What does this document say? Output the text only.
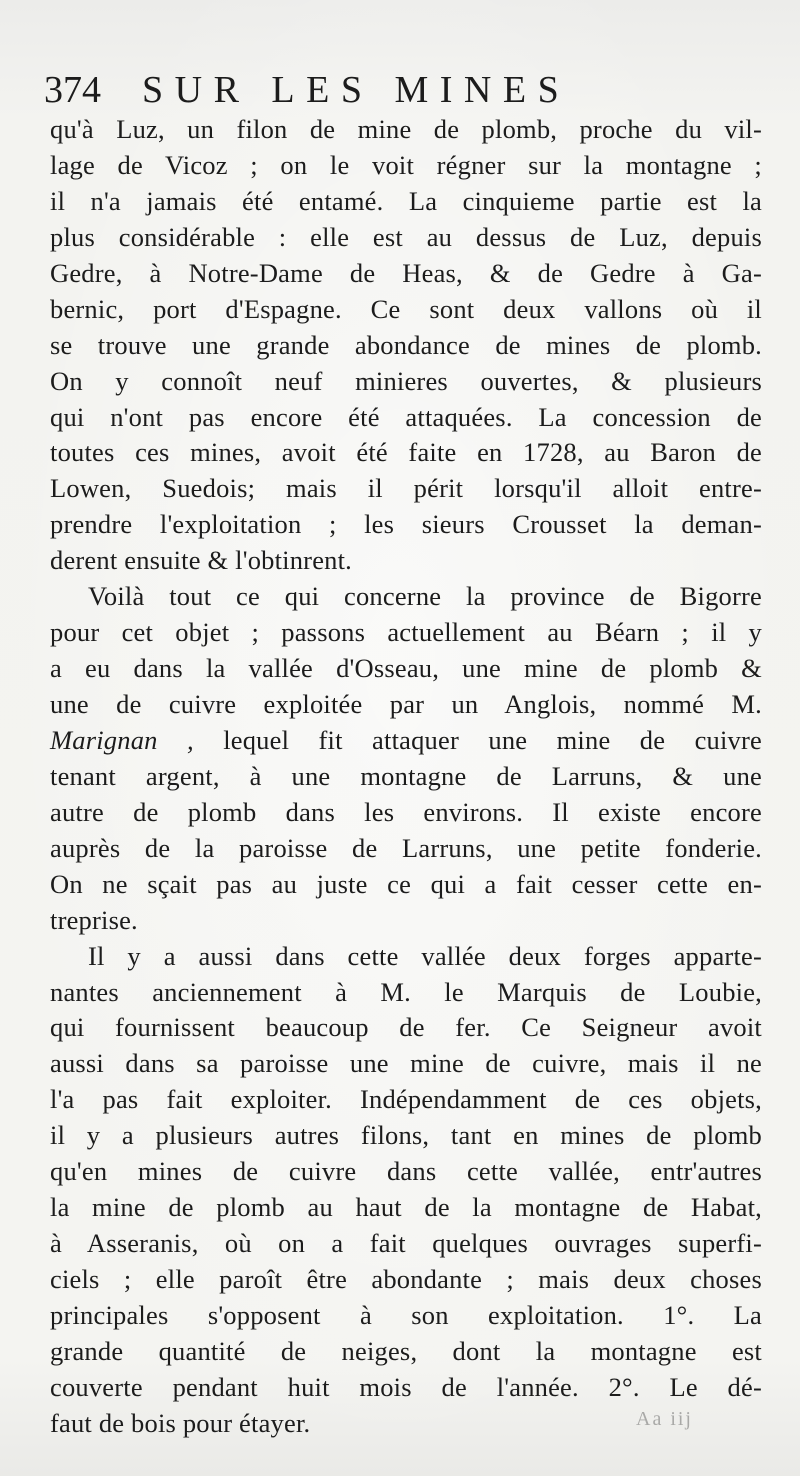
374 SUR LES MINES
qu'à Luz, un filon de mine de plomb, proche du vil-
lage de Vicoz ; on le voit régner sur la montagne ;
il n'a jamais été entamé. La cinquieme partie est la
plus considérable : elle est au dessus de Luz, depuis
Gedre, à Notre-Dame de Heas, & de Gedre à Ga-
bernic, port d'Espagne. Ce sont deux vallons où il
se trouve une grande abondance de mines de plomb.
On y connoît neuf minieres ouvertes, & plusieurs
qui n'ont pas encore été attaquées. La concession de
toutes ces mines, avoit été faite en 1728, au Baron de
Lowen, Suedois; mais il périt lorsqu'il alloit entre-
prendre l'exploitation ; les sieurs Crousset la deman-
derent ensuite & l'obtinrent.
Voilà tout ce qui concerne la province de Bigorre
pour cet objet ; passons actuellement au Béarn ; il y
a eu dans la vallée d'Osseau, une mine de plomb &
une de cuivre exploitée par un Anglois, nommé M.
Marignan , lequel fit attaquer une mine de cuivre
tenant argent, à une montagne de Larruns, & une
autre de plomb dans les environs. Il existe encore
auprès de la paroisse de Larruns, une petite fonderie.
On ne sçait pas au juste ce qui a fait cesser cette en-
treprise.
Il y a aussi dans cette vallée deux forges apparte-
nantes anciennement à M. le Marquis de Loubie,
qui fournissent beaucoup de fer. Ce Seigneur avoit
aussi dans sa paroisse une mine de cuivre, mais il ne
l'a pas fait exploiter. Indépendamment de ces objets,
il y a plusieurs autres filons, tant en mines de plomb
qu'en mines de cuivre dans cette vallée, entr'autres
la mine de plomb au haut de la montagne de Habat,
à Asseranis, où on a fait quelques ouvrages superfi-
ciels ; elle paroît être abondante ; mais deux choses
principales s'opposent à son exploitation. 1°. La
grande quantité de neiges, dont la montagne est
couverte pendant huit mois de l'année. 2°. Le dé-
faut de bois pour étayer.	Aa iij
